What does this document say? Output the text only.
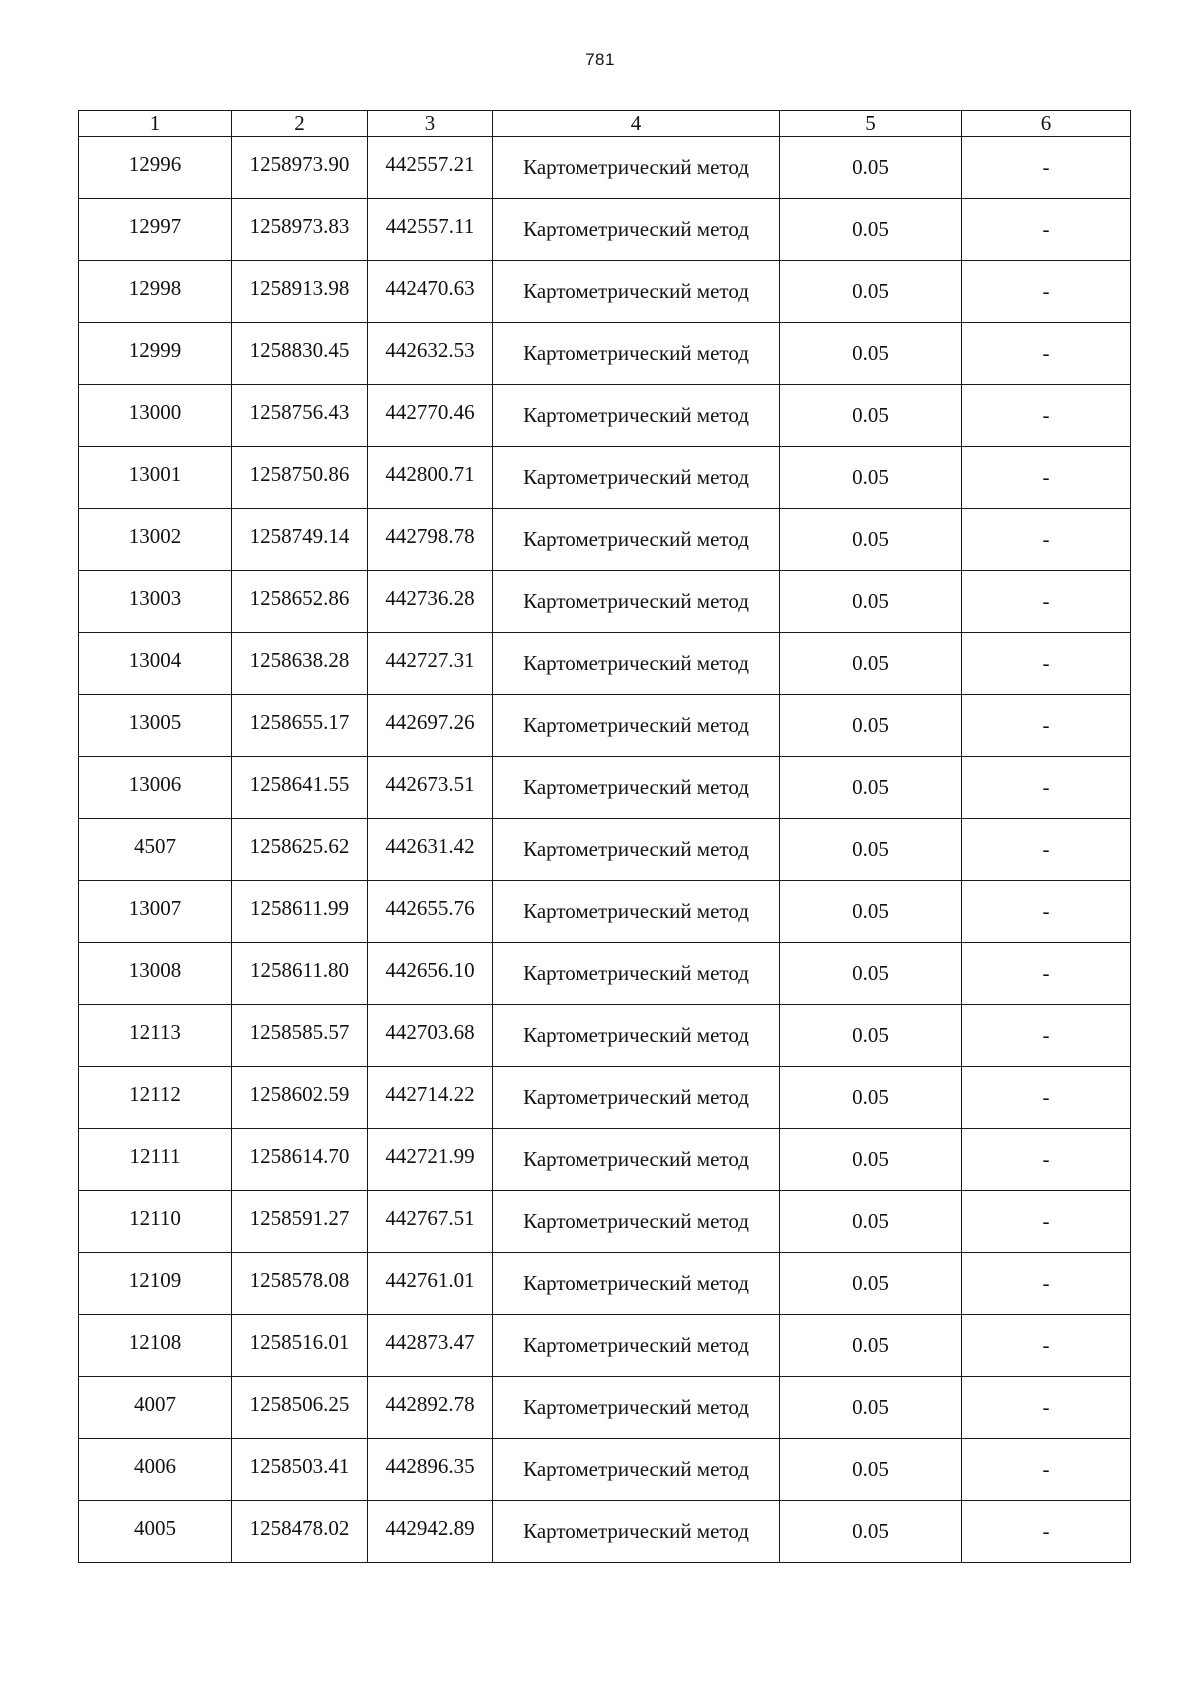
781
1	2	3	4	5	6
12996	1258973.90	442557.21	Картометрический метод	0.05	-
12997	1258973.83	442557.11	Картометрический метод	0.05	-
12998	1258913.98	442470.63	Картометрический метод	0.05	-
12999	1258830.45	442632.53	Картометрический метод	0.05	-
13000	1258756.43	442770.46	Картометрический метод	0.05	-
13001	1258750.86	442800.71	Картометрический метод	0.05	-
13002	1258749.14	442798.78	Картометрический метод	0.05	-
13003	1258652.86	442736.28	Картометрический метод	0.05	-
13004	1258638.28	442727.31	Картометрический метод	0.05	-
13005	1258655.17	442697.26	Картометрический метод	0.05	-
13006	1258641.55	442673.51	Картометрический метод	0.05	-
4507	1258625.62	442631.42	Картометрический метод	0.05	-
13007	1258611.99	442655.76	Картометрический метод	0.05	-
13008	1258611.80	442656.10	Картометрический метод	0.05	-
12113	1258585.57	442703.68	Картометрический метод	0.05	-
12112	1258602.59	442714.22	Картометрический метод	0.05	-
12111	1258614.70	442721.99	Картометрический метод	0.05	-
12110	1258591.27	442767.51	Картометрический метод	0.05	-
12109	1258578.08	442761.01	Картометрический метод	0.05	-
12108	1258516.01	442873.47	Картометрический метод	0.05	-
4007	1258506.25	442892.78	Картометрический метод	0.05	-
4006	1258503.41	442896.35	Картометрический метод	0.05	-
4005	1258478.02	442942.89	Картометрический метод	0.05	-
